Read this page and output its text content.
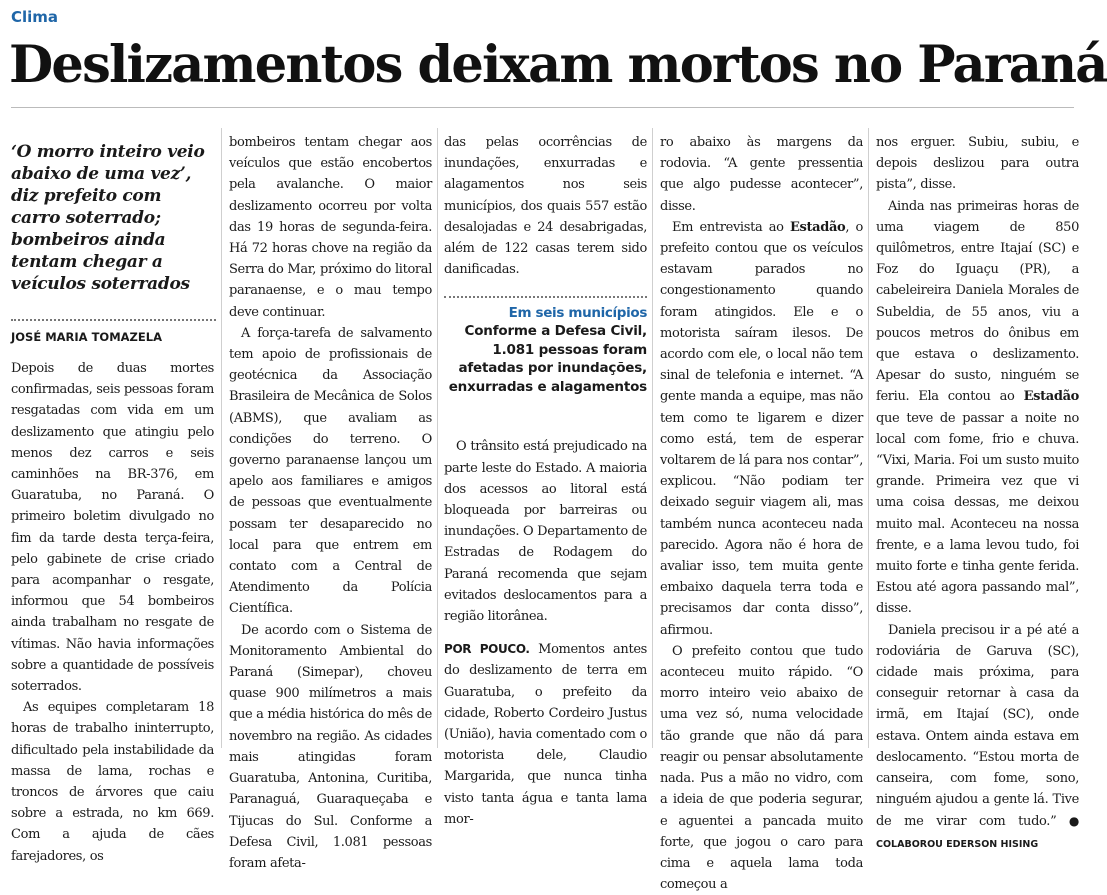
Clima
Deslizamentos deixam mortos no Paraná

‘O morro inteiro veio abaixo de uma vez’, diz prefeito com carro soterrado; bombeiros ainda tentam chegar a veículos soterrados

JOSÉ MARIA TOMAZELA

Depois de duas mortes confirmadas, seis pessoas foram resgatadas com vida em um deslizamento que atingiu pelo menos dez carros e seis caminhões na BR-376, em Guaratuba, no Paraná. O primeiro boletim divulgado no fim da tarde desta terça-feira, pelo gabinete de crise criado para acompanhar o resgate, informou que 54 bombeiros ainda trabalham no resgate de vítimas. Não havia informações sobre a quantidade de possíveis soterrados.

As equipes completaram 18 horas de trabalho ininterrupto, dificultado pela instabilidade da massa de lama, rochas e troncos de árvores que caiu sobre a estrada, no km 669. Com a ajuda de cães farejadores, os

bombeiros tentam chegar aos veículos que estão encobertos pela avalanche. O maior deslizamento ocorreu por volta das 19 horas de segunda-feira. Há 72 horas chove na região da Serra do Mar, próximo do litoral paranaense, e o mau tempo deve continuar.

A força-tarefa de salvamento tem apoio de profissionais de geotécnica da Associação Brasileira de Mecânica de Solos (ABMS), que avaliam as condições do terreno. O governo paranaense lançou um apelo aos familiares e amigos de pessoas que eventualmente possam ter desaparecido no local para que entrem em contato com a Central de Atendimento da Polícia Científica.

De acordo com o Sistema de Monitoramento Ambiental do Paraná (Simepar), choveu quase 900 milímetros a mais que a média histórica do mês de novembro na região. As cidades mais atingidas foram Guaratuba, Antonina, Curitiba, Paranaguá, Guaraqueçaba e Tijucas do Sul. Conforme a Defesa Civil, 1.081 pessoas foram afeta-

das pelas ocorrências de inundações, enxurradas e alagamentos nos seis municípios, dos quais 557 estão desalojadas e 24 desabrigadas, além de 122 casas terem sido danificadas.

Em seis municípios
Conforme a Defesa Civil, 1.081 pessoas foram afetadas por inundações, enxurradas e alagamentos

O trânsito está prejudicado na parte leste do Estado. A maioria dos acessos ao litoral está bloqueada por barreiras ou inundações. O Departamento de Estradas de Rodagem do Paraná recomenda que sejam evitados deslocamentos para a região litorânea.

POR POUCO. Momentos antes do deslizamento de terra em Guaratuba, o prefeito da cidade, Roberto Cordeiro Justus (União), havia comentado com o motorista dele, Claudio Margarida, que nunca tinha visto tanta água e tanta lama mor-

ro abaixo às margens da rodovia. “A gente pressentia que algo pudesse acontecer”, disse.

Em entrevista ao Estadão, o prefeito contou que os veículos estavam parados no congestionamento quando foram atingidos. Ele e o motorista saíram ilesos. De acordo com ele, o local não tem sinal de telefonia e internet. “A gente manda a equipe, mas não tem como te ligarem e dizer como está, tem de esperar voltarem de lá para nos contar”, explicou. “Não podiam ter deixado seguir viagem ali, mas também nunca aconteceu nada parecido. Agora não é hora de avaliar isso, tem muita gente embaixo daquela terra toda e precisamos dar conta disso”, afirmou.

O prefeito contou que tudo aconteceu muito rápido. “O morro inteiro veio abaixo de uma vez só, numa velocidade tão grande que não dá para reagir ou pensar absolutamente nada. Pus a mão no vidro, com a ideia de que poderia segurar, e aguentei a pancada muito forte, que jogou o caro para cima e aquela lama toda começou a

nos erguer. Subiu, subiu, e depois deslizou para outra pista”, disse.

Ainda nas primeiras horas de uma viagem de 850 quilômetros, entre Itajaí (SC) e Foz do Iguaçu (PR), a cabeleireira Daniela Morales de Subeldia, de 55 anos, viu a poucos metros do ônibus em que estava o deslizamento. Apesar do susto, ninguém se feriu. Ela contou ao Estadão que teve de passar a noite no local com fome, frio e chuva. “Vixi, Maria. Foi um susto muito grande. Primeira vez que vi uma coisa dessas, me deixou muito mal. Aconteceu na nossa frente, e a lama levou tudo, foi muito forte e tinha gente ferida. Estou até agora passando mal”, disse.

Daniela precisou ir a pé até a rodoviária de Garuva (SC), cidade mais próxima, para conseguir retornar à casa da irmã, em Itajaí (SC), onde estava. Ontem ainda estava em deslocamento. “Estou morta de canseira, com fome, sono, ninguém ajudou a gente lá. Tive de me virar com tudo.” ● COLABOROU EDERSON HISING
